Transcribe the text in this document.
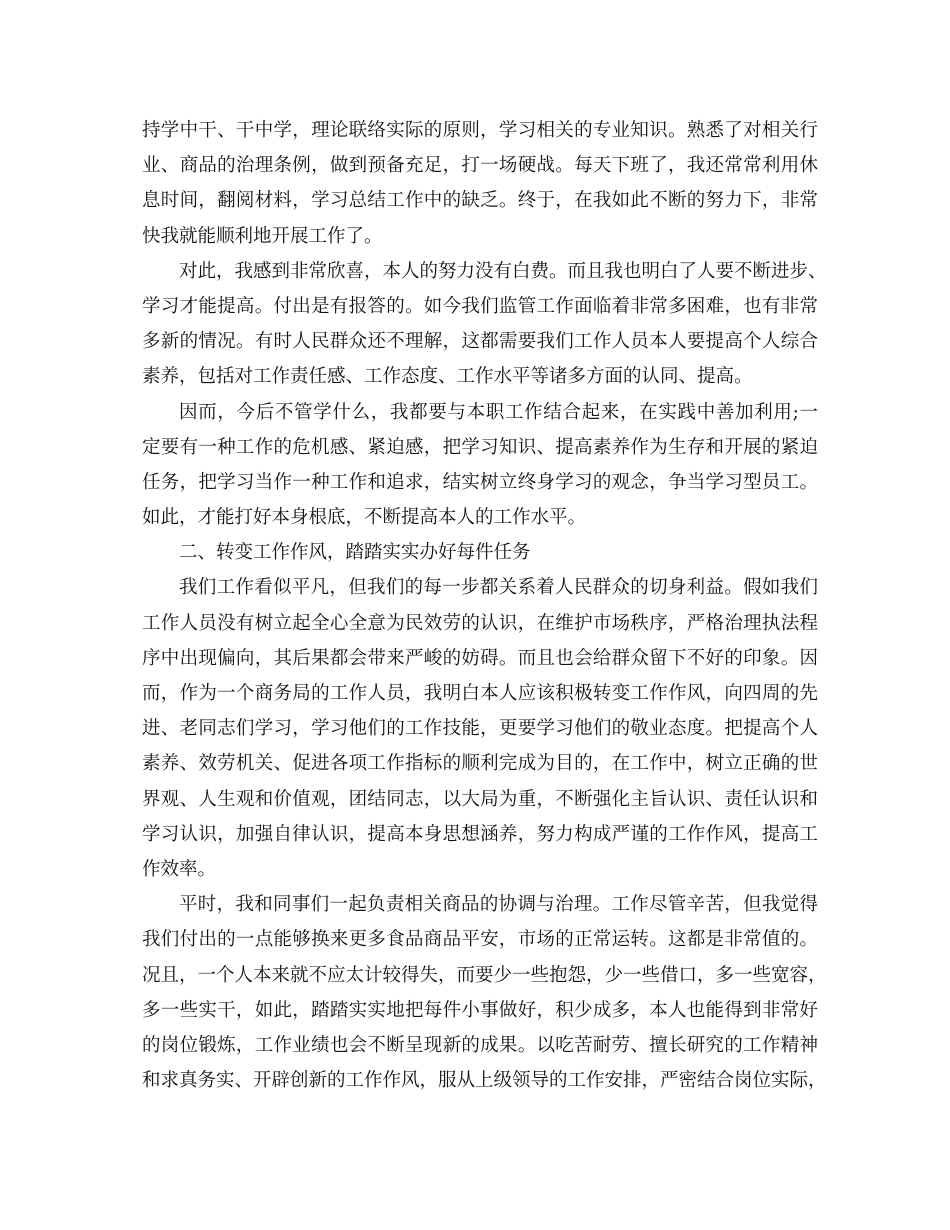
持学中干、干中学，理论联络实际的原则，学习相关的专业知识。熟悉了对相关行
业、商品的治理条例，做到预备充足，打一场硬战。每天下班了，我还常常利用休
息时间，翻阅材料，学习总结工作中的缺乏。终于，在我如此不断的努力下，非常
快我就能顺利地开展工作了。
对此，我感到非常欣喜，本人的努力没有白费。而且我也明白了人要不断进步、
学习才能提高。付出是有报答的。如今我们监管工作面临着非常多困难，也有非常
多新的情况。有时人民群众还不理解，这都需要我们工作人员本人要提高个人综合
素养，包括对工作责任感、工作态度、工作水平等诸多方面的认同、提高。
因而，今后不管学什么，我都要与本职工作结合起来，在实践中善加利用;一
定要有一种工作的危机感、紧迫感，把学习知识、提高素养作为生存和开展的紧迫
任务，把学习当作一种工作和追求，结实树立终身学习的观念，争当学习型员工。
如此，才能打好本身根底，不断提高本人的工作水平。
二、转变工作作风，踏踏实实办好每件任务
我们工作看似平凡，但我们的每一步都关系着人民群众的切身利益。假如我们
工作人员没有树立起全心全意为民效劳的认识，在维护市场秩序，严格治理执法程
序中出现偏向，其后果都会带来严峻的妨碍。而且也会给群众留下不好的印象。因
而，作为一个商务局的工作人员，我明白本人应该积极转变工作作风，向四周的先
进、老同志们学习，学习他们的工作技能，更要学习他们的敬业态度。把提高个人
素养、效劳机关、促进各项工作指标的顺利完成为目的，在工作中，树立正确的世
界观、人生观和价值观，团结同志，以大局为重，不断强化主旨认识、责任认识和
学习认识，加强自律认识，提高本身思想涵养，努力构成严谨的工作作风，提高工
作效率。
平时，我和同事们一起负责相关商品的协调与治理。工作尽管辛苦，但我觉得
我们付出的一点能够换来更多食品商品平安，市场的正常运转。这都是非常值的。
况且，一个人本来就不应太计较得失，而要少一些抱怨，少一些借口，多一些宽容，
多一些实干，如此，踏踏实实地把每件小事做好，积少成多，本人也能得到非常好
的岗位锻炼，工作业绩也会不断呈现新的成果。以吃苦耐劳、擅长研究的工作精神
和求真务实、开辟创新的工作作风，服从上级领导的工作安排，严密结合岗位实际，
